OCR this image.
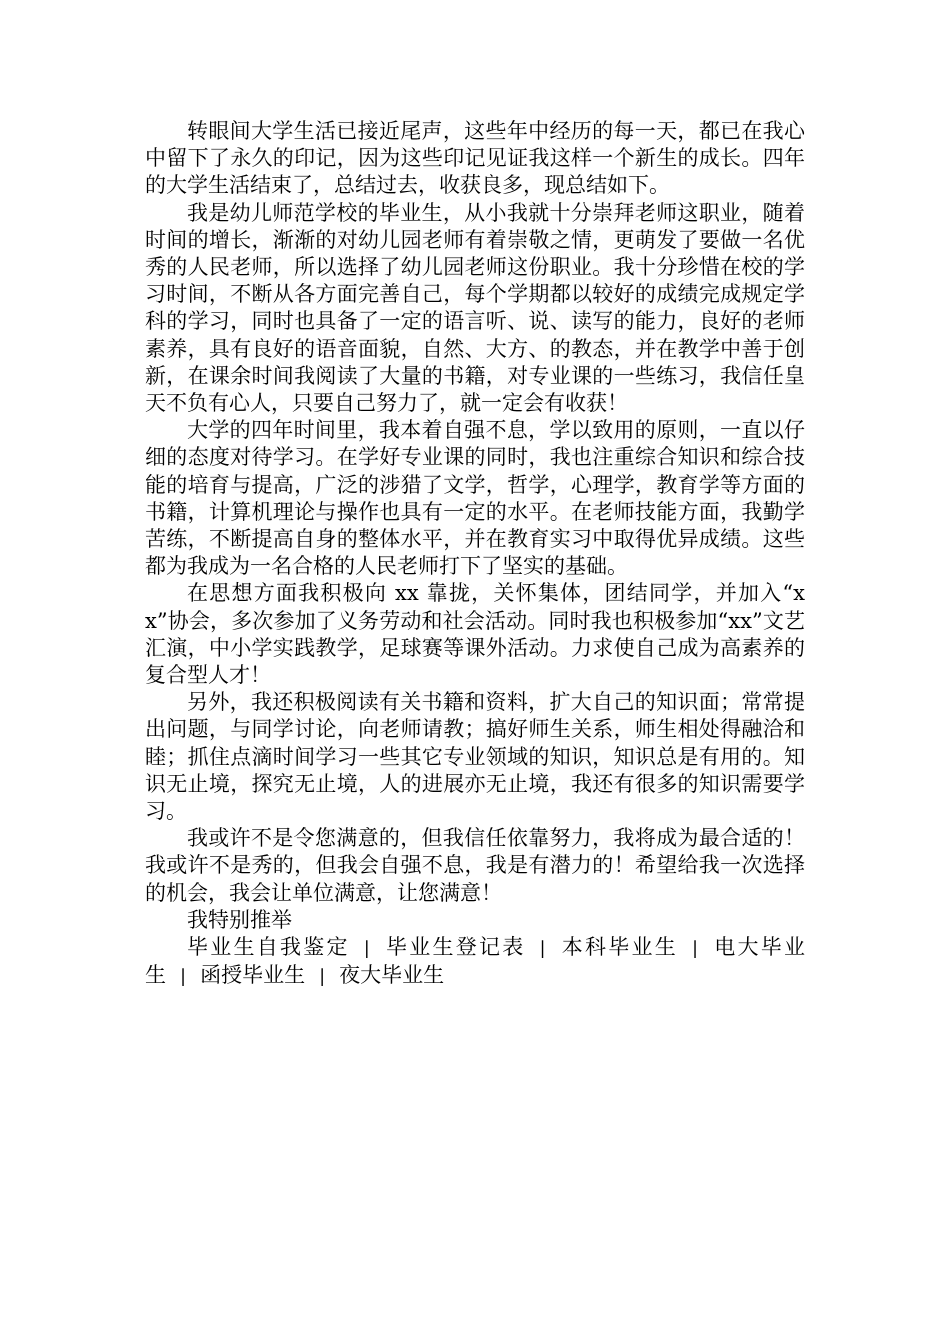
转眼间大学生活已接近尾声，这些年中经历的每一天，都已在我心中留下了永久的印记，因为这些印记见证我这样一个新生的成长。四年的大学生活结束了，总结过去，收获良多，现总结如下。

我是幼儿师范学校的毕业生，从小我就十分崇拜老师这职业，随着时间的增长，渐渐的对幼儿园老师有着崇敬之情，更萌发了要做一名优秀的人民老师，所以选择了幼儿园老师这份职业。我十分珍惜在校的学习时间，不断从各方面完善自己，每个学期都以较好的成绩完成规定学科的学习，同时也具备了一定的语言听、说、读写的能力，良好的老师素养，具有良好的语音面貌，自然、大方、的教态，并在教学中善于创新，在课余时间我阅读了大量的书籍，对专业课的一些练习，我信任皇天不负有心人，只要自己努力了，就一定会有收获！

大学的四年时间里，我本着自强不息，学以致用的原则，一直以仔细的态度对待学习。在学好专业课的同时，我也注重综合知识和综合技能的培育与提高，广泛的涉猎了文学，哲学，心理学，教育学等方面的书籍，计算机理论与操作也具有一定的水平。在老师技能方面，我勤学苦练，不断提高自身的整体水平，并在教育实习中取得优异成绩。这些都为我成为一名合格的人民老师打下了坚实的基础。

在思想方面我积极向 xx 靠拢，关怀集体，团结同学，并加入“xx”协会，多次参加了义务劳动和社会活动。同时我也积极参加“xx”文艺汇演，中小学实践教学，足球赛等课外活动。力求使自己成为高素养的复合型人才！

另外，我还积极阅读有关书籍和资料，扩大自己的知识面；常常提出问题，与同学讨论，向老师请教；搞好师生关系，师生相处得融洽和睦；抓住点滴时间学习一些其它专业领域的知识，知识总是有用的。知识无止境，探究无止境，人的进展亦无止境，我还有很多的知识需要学习。

我或许不是令您满意的，但我信任依靠努力，我将成为最合适的！我或许不是秀的，但我会自强不息，我是有潜力的！希望给我一次选择的机会，我会让单位满意，让您满意！

我特别推举

毕业生自我鉴定 | 毕业生登记表 | 本科毕业生 | 电大毕业生 | 函授毕业生 | 夜大毕业生
